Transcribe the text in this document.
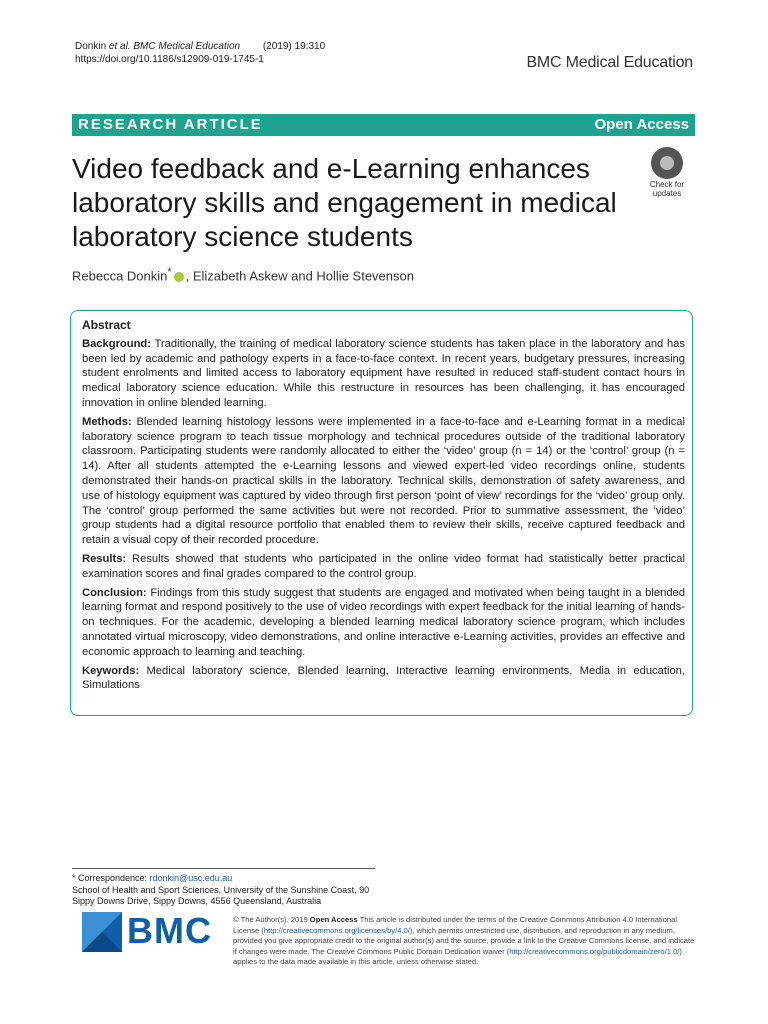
Donkin et al. BMC Medical Education (2019) 19:310
https://doi.org/10.1186/s12909-019-1745-1	BMC Medical Education
RESEARCH ARTICLE	Open Access
Video feedback and e-Learning enhances laboratory skills and engagement in medical laboratory science students
Check for
updates
Rebecca Donkin* , Elizabeth Askew and Hollie Stevenson
Abstract

Background: Traditionally, the training of medical laboratory science students has taken place in the laboratory and has been led by academic and pathology experts in a face-to-face context. In recent years, budgetary pressures, increasing student enrolments and limited access to laboratory equipment have resulted in reduced staff-student contact hours in medical laboratory science education. While this restructure in resources has been challenging, it has encouraged innovation in online blended learning.

Methods: Blended learning histology lessons were implemented in a face-to-face and e-Learning format in a medical laboratory science program to teach tissue morphology and technical procedures outside of the traditional laboratory classroom. Participating students were randomly allocated to either the ‘video’ group (n = 14) or the ‘control’ group (n = 14). After all students attempted the e-Learning lessons and viewed expert-led video recordings online, students demonstrated their hands-on practical skills in the laboratory. Technical skills, demonstration of safety awareness, and use of histology equipment was captured by video through first person ‘point of view’ recordings for the ‘video’ group only. The ‘control’ group performed the same activities but were not recorded. Prior to summative assessment, the ‘video’ group students had a digital resource portfolio that enabled them to review their skills, receive captured feedback and retain a visual copy of their recorded procedure.

Results: Results showed that students who participated in the online video format had statistically better practical examination scores and final grades compared to the control group.

Conclusion: Findings from this study suggest that students are engaged and motivated when being taught in a blended learning format and respond positively to the use of video recordings with expert feedback for the initial learning of hands-on techniques. For the academic, developing a blended learning medical laboratory science program, which includes annotated virtual microscopy, video demonstrations, and online interactive e-Learning activities, provides an effective and economic approach to learning and teaching.

Keywords: Medical laboratory science, Blended learning, Interactive learning environments, Media in education, Simulations

* Correspondence: rdonkin@usc.edu.au
School of Health and Sport Sciences, University of the Sunshine Coast, 90
Sippy Downs Drive, Sippy Downs, 4556 Queensland, Australia
BMC	© The Author(s). 2019 Open Access This article is distributed under the terms of the Creative Commons Attribution 4.0 International License (http://creativecommons.org/licenses/by/4.0/), which permits unrestricted use, distribution, and reproduction in any medium, provided you give appropriate credit to the original author(s) and the source, provide a link to the Creative Commons license, and indicate if changes were made. The Creative Commons Public Domain Dedication waiver (http://creativecommons.org/publicdomain/zero/1.0/) applies to the data made available in this article, unless otherwise stated.
